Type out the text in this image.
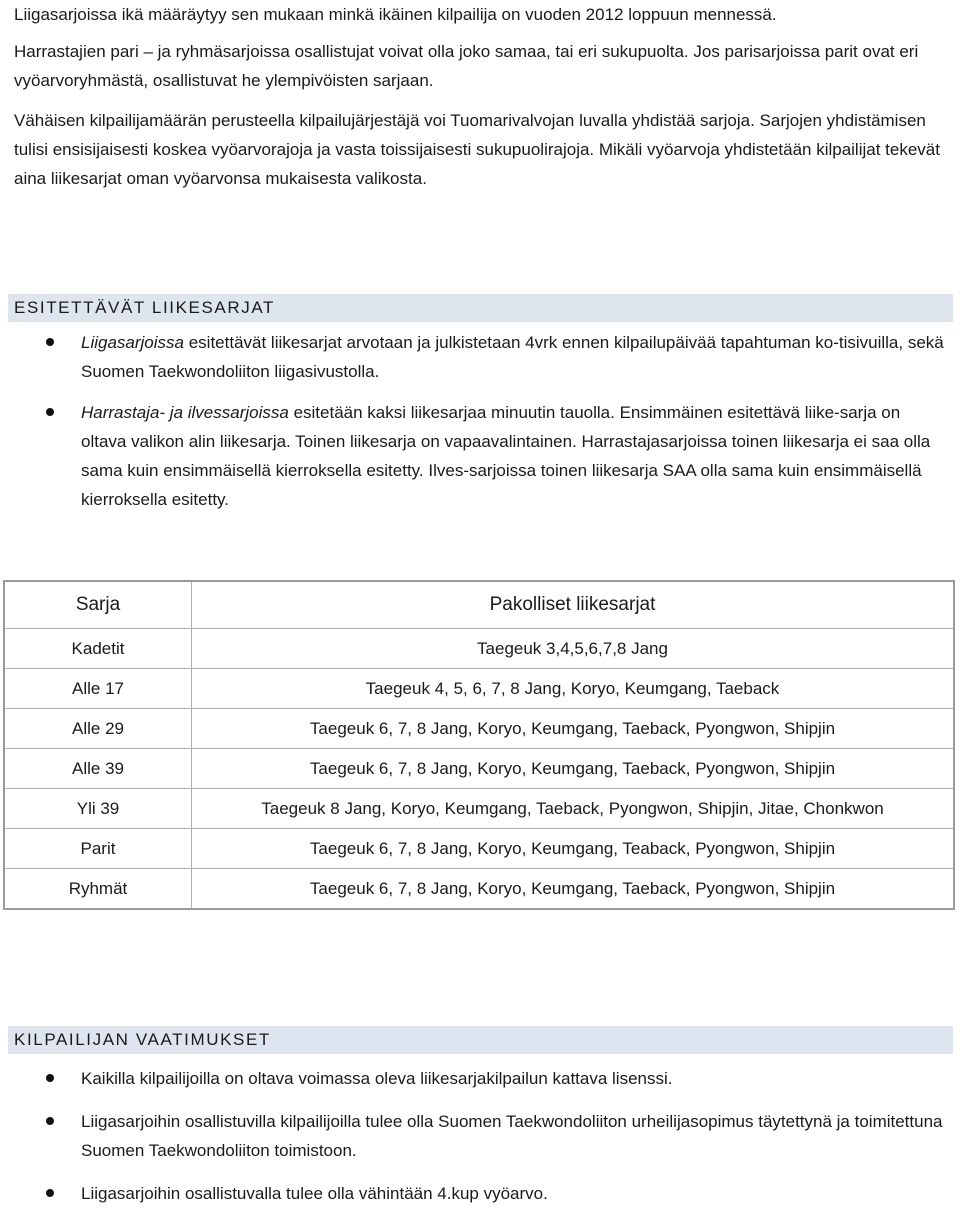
Liigasarjoissa ikä määräytyy sen mukaan minkä ikäinen kilpailija on vuoden 2012 loppuun mennessä.

Harrastajien pari – ja ryhmäsarjoissa osallistujat voivat olla joko samaa, tai eri sukupuolta. Jos parisarjoissa parit ovat eri vyöarvoryhmästä, osallistuvat he ylempivöisten sarjaan.

Vähäisen kilpailijamäärän perusteella kilpailujärjestäjä voi Tuomarivalvojan luvalla yhdistää sarjoja. Sarjojen yhdistämisen tulisi ensisijaisesti koskea vyöarvorajoja ja vasta toissijaisesti sukupuolirajoja. Mikäli vyöarvoja yhdistetään kilpailijat tekevät aina liikesarjat oman vyöarvonsa mukaisesta valikosta.

ESITETTÄVÄT LIIKESARJAT
Liigasarjoissa esitettävät liikesarjat arvotaan ja julkistetaan 4vrk ennen kilpailupäivää tapahtuman ko-tisivuilla, sekä Suomen Taekwondoliiton liigasivustolla.
Harrastaja- ja ilvessarjoissa esitetään kaksi liikesarjaa minuutin tauolla. Ensimmäinen esitettävä liike-sarja on oltava valikon alin liikesarja. Toinen liikesarja on vapaavalintainen. Harrastajasarjoissa toinen liikesarja ei saa olla sama kuin ensimmäisellä kierroksella esitetty. Ilves-sarjoissa toinen liikesarja SAA olla sama kuin ensimmäisellä kierroksella esitetty.
Sarja	Pakolliset liikesarjat
Kadetit	Taegeuk 3,4,5,6,7,8 Jang
Alle 17	Taegeuk 4, 5, 6, 7, 8 Jang, Koryo, Keumgang, Taeback
Alle 29	Taegeuk 6, 7, 8 Jang, Koryo, Keumgang, Taeback, Pyongwon, Shipjin
Alle 39	Taegeuk 6, 7, 8 Jang, Koryo, Keumgang, Taeback, Pyongwon, Shipjin
Yli 39	Taegeuk 8 Jang, Koryo, Keumgang, Taeback, Pyongwon, Shipjin, Jitae, Chonkwon
Parit	Taegeuk 6, 7, 8 Jang, Koryo, Keumgang, Teaback, Pyongwon, Shipjin
Ryhmät	Taegeuk 6, 7, 8 Jang, Koryo, Keumgang, Taeback, Pyongwon, Shipjin
KILPAILIJAN VAATIMUKSET
Kaikilla kilpailijoilla on oltava voimassa oleva liikesarjakilpailun kattava lisenssi.
Liigasarjoihin osallistuvilla kilpailijoilla tulee olla Suomen Taekwondoliiton urheilijasopimus täytettynä ja toimitettuna Suomen Taekwondoliiton toimistoon.
Liigasarjoihin osallistuvalla tulee olla vähintään 4.kup vyöarvo.
